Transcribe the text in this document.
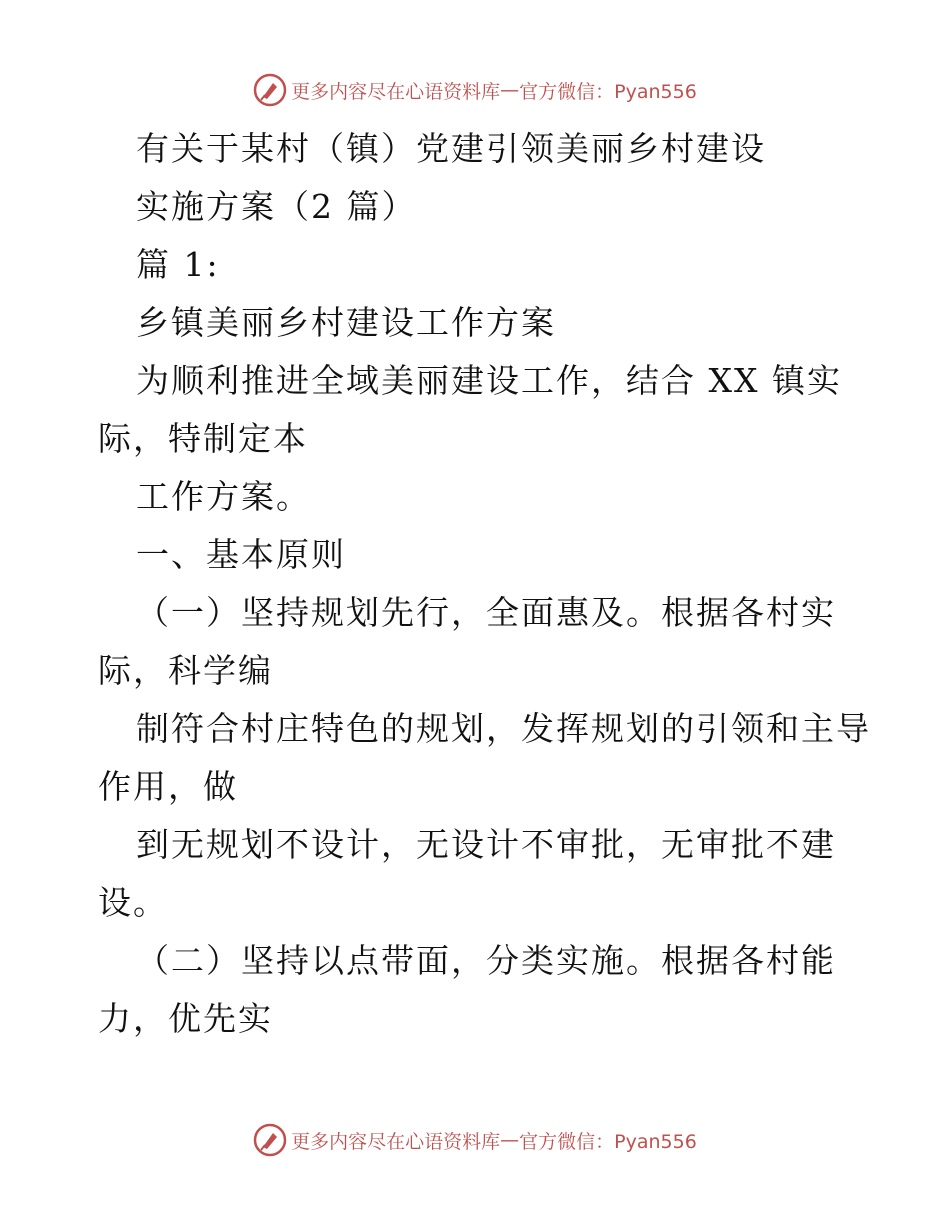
更多内容尽在心语资料库 — 官方微信：Pyan556
有关于某村（镇）党建引领美丽乡村建设
实施方案（2 篇）
篇 1:
乡镇美丽乡村建设工作方案
为顺利推进全域美丽建设工作，结合 XX 镇实
际，特制定本
工作方案。
一、基本原则
（一）坚持规划先行，全面惠及。根据各村实
际，科学编
制符合村庄特色的规划，发挥规划的引领和主导
作用，做
到无规划不设计，无设计不审批，无审批不建
设。
（二）坚持以点带面，分类实施。根据各村能
力，优先实
更多内容尽在心语资料库 — 官方微信：Pyan556
